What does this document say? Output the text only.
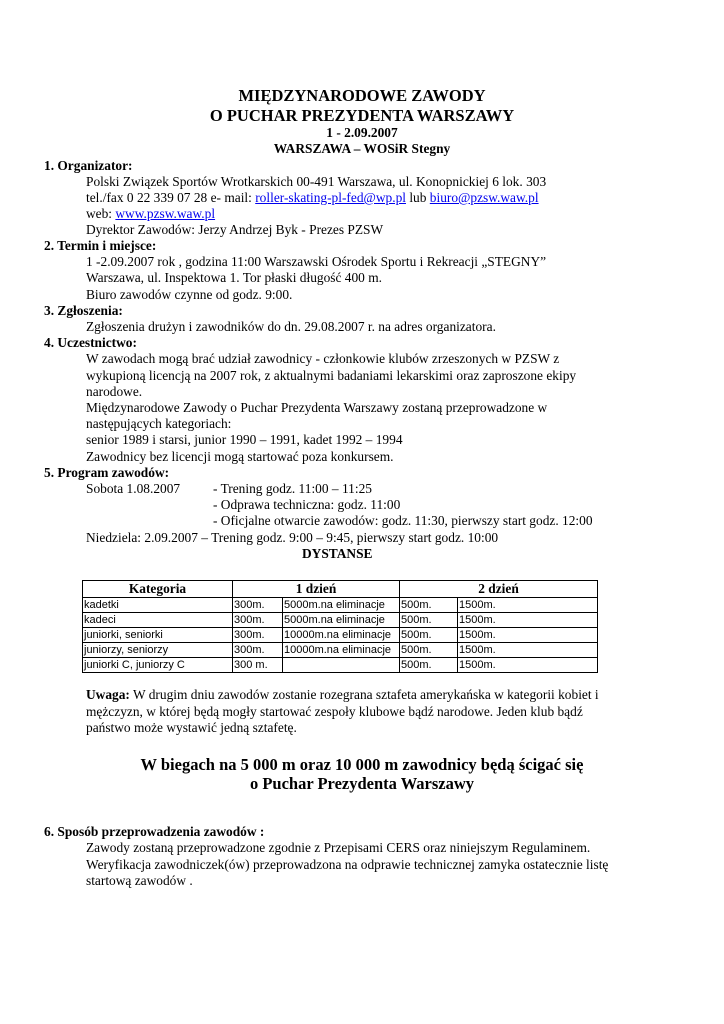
MIĘDZYNARODOWE ZAWODY
O PUCHAR PREZYDENTA WARSZAWY
1 - 2.09.2007
WARSZAWA – WOSiR Stegny
1. Organizator:
Polski Związek Sportów Wrotkarskich 00-491 Warszawa, ul. Konopnickiej 6 lok. 303
tel./fax 0 22 339 07 28 e- mail: roller-skating-pl-fed@wp.pl lub biuro@pzsw.waw.pl
web: www.pzsw.waw.pl
Dyrektor Zawodów: Jerzy Andrzej Byk - Prezes PZSW
2. Termin i miejsce:
1 -2.09.2007 rok , godzina 11:00 Warszawski Ośrodek Sportu i Rekreacji „STEGNY”
Warszawa, ul. Inspektowa 1. Tor płaski długość 400 m.
Biuro zawodów czynne od godz. 9:00.
3. Zgłoszenia:
Zgłoszenia drużyn i zawodników do dn. 29.08.2007 r. na adres organizatora.
4. Uczestnictwo:
W zawodach mogą brać udział zawodnicy - członkowie klubów zrzeszonych w PZSW z
wykupioną licencją na 2007 rok, z aktualnymi badaniami lekarskimi oraz zaproszone ekipy
narodowe.
Międzynarodowe Zawody o Puchar Prezydenta Warszawy zostaną przeprowadzone w
następujących kategoriach:
senior 1989 i starsi, junior 1990 – 1991, kadet 1992 – 1994
Zawodnicy bez licencji mogą startować poza konkursem.
5. Program zawodów:
Sobota 1.08.2007 - Trening godz. 11:00 – 11:25
- Odprawa techniczna: godz. 11:00
- Oficjalne otwarcie zawodów: godz. 11:30, pierwszy start godz. 12:00
Niedziela: 2.09.2007 – Trening godz. 9:00 – 9:45, pierwszy start godz. 10:00
DYSTANSE
Kategoria	1 dzień		2 dzień	
kadetki	300m.	5000m.na eliminacje	500m.	1500m.
kadeci	300m.	5000m.na eliminacje	500m.	1500m.
juniorki, seniorki	300m.	10000m.na eliminacje	500m.	1500m.
juniorzy, seniorzy	300m.	10000m.na eliminacje	500m.	1500m.
juniorki C, juniorzy C	300 m.		500m.	1500m.
Uwaga: W drugim dniu zawodów zostanie rozegrana sztafeta amerykańska w kategorii kobiet i
mężczyzn, w której będą mogły startować zespoły klubowe bądź narodowe. Jeden klub bądź
państwo może wystawić jedną sztafetę.
W biegach na 5 000 m oraz 10 000 m zawodnicy będą ścigać się
o Puchar Prezydenta Warszawy
6. Sposób przeprowadzenia zawodów :
Zawody zostaną przeprowadzone zgodnie z Przepisami CERS oraz niniejszym Regulaminem.
Weryfikacja zawodniczek(ów) przeprowadzona na odprawie technicznej zamyka ostatecznie listę
startową zawodów .
